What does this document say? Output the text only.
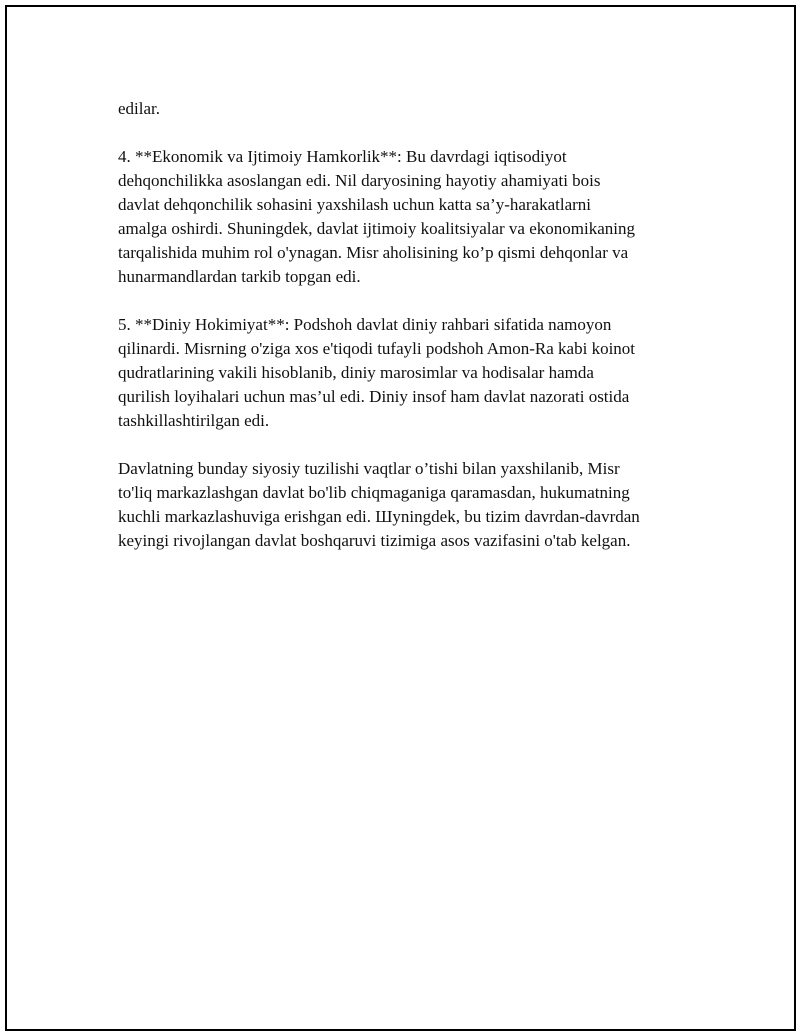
edilar.

4. **Ekonomik va Ijtimoiy Hamkorlik**: Bu davrdagi iqtisodiyot
dehqonchilikka asoslangan edi. Nil daryosining hayotiy ahamiyati bois
davlat dehqonchilik sohasini yaxshilash uchun katta sa’y-harakatlarni
amalga oshirdi. Shuningdek, davlat ijtimoiy koalitsiyalar va ekonomikaning
tarqalishida muhim rol o'ynagan. Misr aholisining ko’p qismi dehqonlar va
hunarmandlardan tarkib topgan edi.

5. **Diniy Hokimiyat**: Podshoh davlat diniy rahbari sifatida namoyon
qilinardi. Misrning o'ziga xos e'tiqodi tufayli podshoh Amon-Ra kabi koinot
qudratlarining vakili hisoblanib, diniy marosimlar va hodisalar hamda
qurilish loyihalari uchun mas’ul edi. Diniy insof ham davlat nazorati ostida
tashkillashtirilgan edi.

Davlatning bunday siyosiy tuzilishi vaqtlar o’tishi bilan yaxshilanib, Misr
to'liq markazlashgan davlat bo'lib chiqmaganiga qaramasdan, hukumatning
kuchli markazlashuviga erishgan edi. Шуningdek, bu tizim davrdan-davrdan
keyingi rivojlangan davlat boshqaruvi tizimiga asos vazifasini o'tab kelgan.
